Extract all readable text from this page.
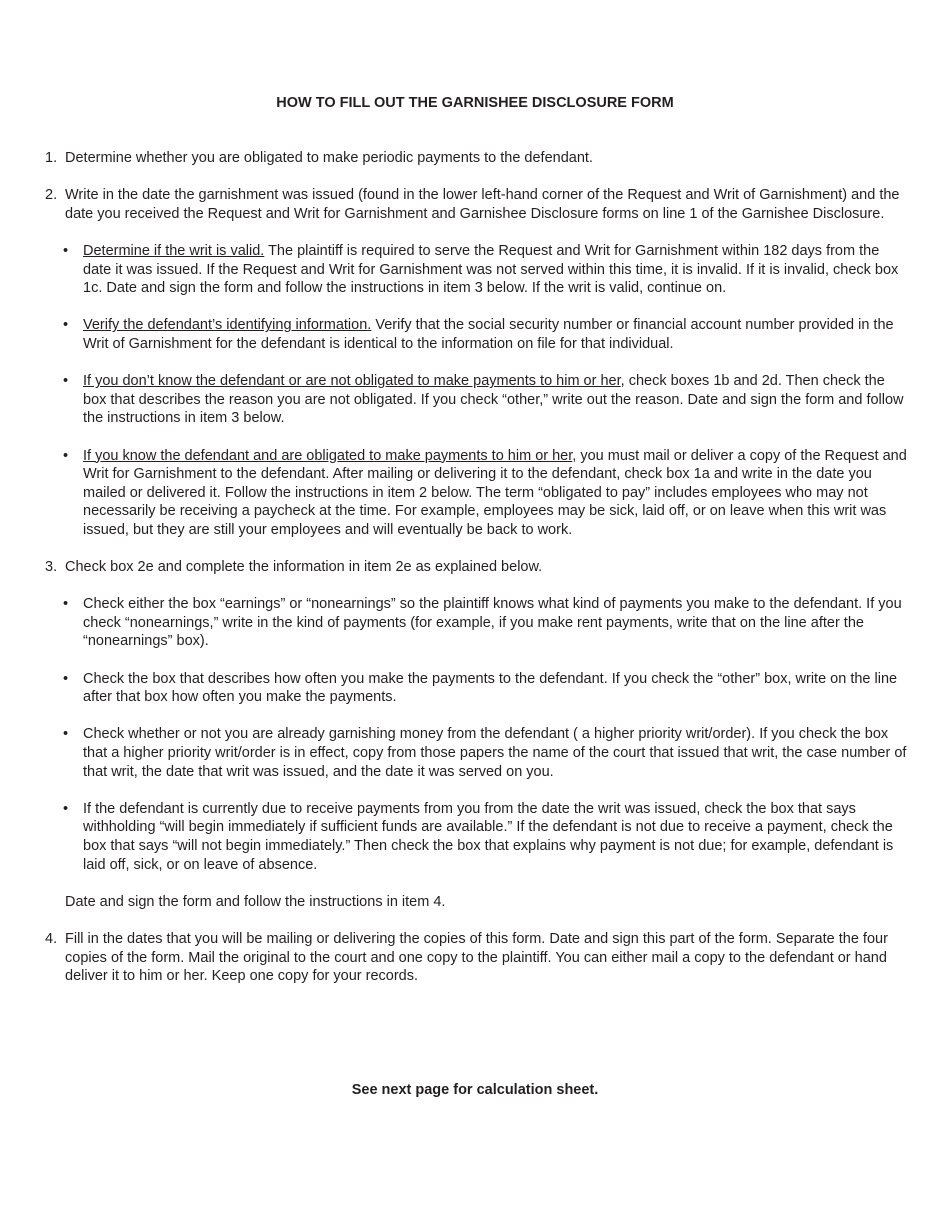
HOW TO FILL OUT THE GARNISHEE DISCLOSURE FORM
1. Determine whether you are obligated to make periodic payments to the defendant.
2. Write in the date the garnishment was issued (found in the lower left-hand corner of the Request and Writ of Garnishment) and the date you received the Request and Writ for Garnishment and Garnishee Disclosure forms on line 1 of the Garnishee Disclosure.
• Determine if the writ is valid. The plaintiff is required to serve the Request and Writ for Garnishment within 182 days from the date it was issued. If the Request and Writ for Garnishment was not served within this time, it is invalid. If it is invalid, check box 1c. Date and sign the form and follow the instructions in item 3 below. If the writ is valid, continue on.
• Verify the defendant’s identifying information. Verify that the social security number or financial account number provided in the Writ of Garnishment for the defendant is identical to the information on file for that individual.
• If you don’t know the defendant or are not obligated to make payments to him or her, check boxes 1b and 2d. Then check the box that describes the reason you are not obligated. If you check “other,” write out the reason. Date and sign the form and follow the instructions in item 3 below.
• If you know the defendant and are obligated to make payments to him or her, you must mail or deliver a copy of the Request and Writ for Garnishment to the defendant. After mailing or delivering it to the defendant, check box 1a and write in the date you mailed or delivered it. Follow the instructions in item 2 below. The term “obligated to pay” includes employees who may not necessarily be receiving a paycheck at the time. For example, employees may be sick, laid off, or on leave when this writ was issued, but they are still your employees and will eventually be back to work.
3. Check box 2e and complete the information in item 2e as explained below.
• Check either the box “earnings” or “nonearnings” so the plaintiff knows what kind of payments you make to the defendant. If you check “nonearnings,” write in the kind of payments (for example, if you make rent payments, write that on the line after the “nonearnings” box).
• Check the box that describes how often you make the payments to the defendant. If you check the “other” box, write on the line after that box how often you make the payments.
• Check whether or not you are already garnishing money from the defendant ( a higher priority writ/order). If you check the box that a higher priority writ/order is in effect, copy from those papers the name of the court that issued that writ, the case number of that writ, the date that writ was issued, and the date it was served on you.
• If the defendant is currently due to receive payments from you from the date the writ was issued, check the box that says withholding “will begin immediately if sufficient funds are available.” If the defendant is not due to receive a payment, check the box that says “will not begin immediately.” Then check the box that explains why payment is not due; for example, defendant is laid off, sick, or on leave of absence.
Date and sign the form and follow the instructions in item 4.
4. Fill in the dates that you will be mailing or delivering the copies of this form. Date and sign this part of the form. Separate the four copies of the form. Mail the original to the court and one copy to the plaintiff. You can either mail a copy to the defendant or hand deliver it to him or her. Keep one copy for your records.
See next page for calculation sheet.
